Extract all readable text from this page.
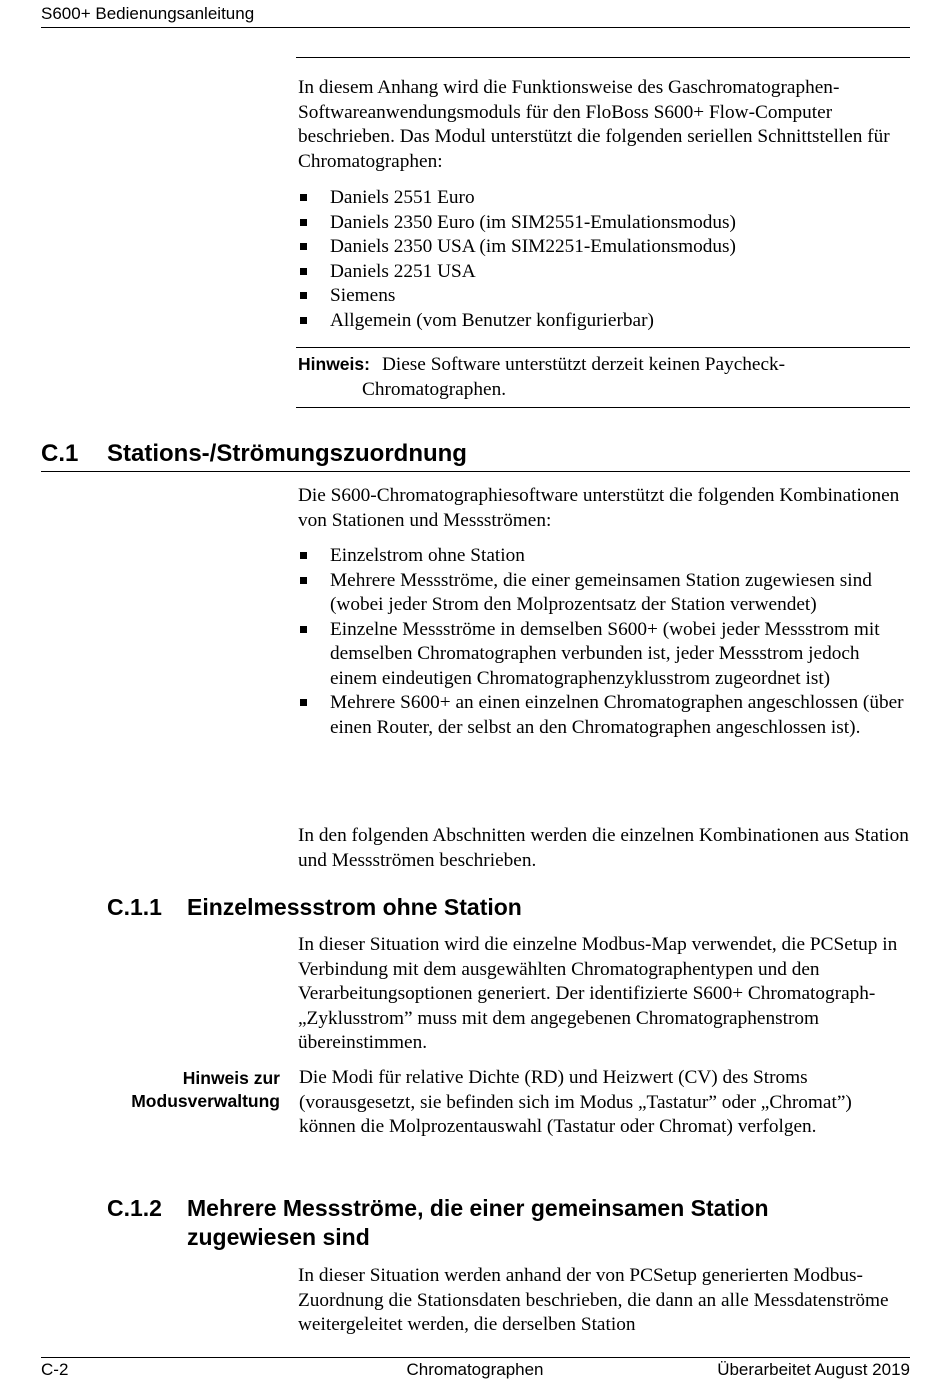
S600+ Bedienungsanleitung

In diesem Anhang wird die Funktionsweise des Gaschromatographen-Softwareanwendungsmoduls für den FloBoss S600+ Flow-Computer beschrieben. Das Modul unterstützt die folgenden seriellen Schnittstellen für Chromatographen:

Daniels 2551 Euro
Daniels 2350 Euro (im SIM2551-Emulationsmodus)
Daniels 2350 USA (im SIM2251-Emulationsmodus)
Daniels 2251 USA
Siemens
Allgemein (vom Benutzer konfigurierbar)
Hinweis: Diese Software unterstützt derzeit keinen Paycheck-
Chromatographen.
C.1 Stations-/Strömungszuordnung

Die S600-Chromatographiesoftware unterstützt die folgenden Kombinationen von Stationen und Messströmen:

Einzelstrom ohne Station
Mehrere Messströme, die einer gemeinsamen Station zugewiesen sind (wobei jeder Strom den Molprozentsatz der Station verwendet)
Einzelne Messströme in demselben S600+ (wobei jeder Messstrom mit demselben Chromatographen verbunden ist, jeder Messstrom jedoch einem eindeutigen Chromatographenzyklusstrom zugeordnet ist)
Mehrere S600+ an einen einzelnen Chromatographen angeschlossen (über einen Router, der selbst an den Chromatographen angeschlossen ist).

In den folgenden Abschnitten werden die einzelnen Kombinationen aus Station und Messströmen beschrieben.

C.1.1	Einzelmessstrom ohne Station

In dieser Situation wird die einzelne Modbus-Map verwendet, die PCSetup in Verbindung mit dem ausgewählten Chromatographentypen und den Verarbeitungsoptionen generiert. Der identifizierte S600+ Chromatograph-„Zyklusstrom” muss mit dem angegebenen Chromatographenstrom übereinstimmen.

Hinweis zur
Modusverwaltung

Die Modi für relative Dichte (RD) und Heizwert (CV) des Stroms (vorausgesetzt, sie befinden sich im Modus „Tastatur” oder „Chromat”) können die Molprozentauswahl (Tastatur oder Chromat) verfolgen.

C.1.2	Mehrere Messströme, die einer gemeinsamen Station
zugewiesen sind

In dieser Situation werden anhand der von PCSetup generierten Modbus-Zuordnung die Stationsdaten beschrieben, die dann an alle Messdatenströme weitergeleitet werden, die derselben Station

C-2	Chromatographen	Überarbeitet August 2019
